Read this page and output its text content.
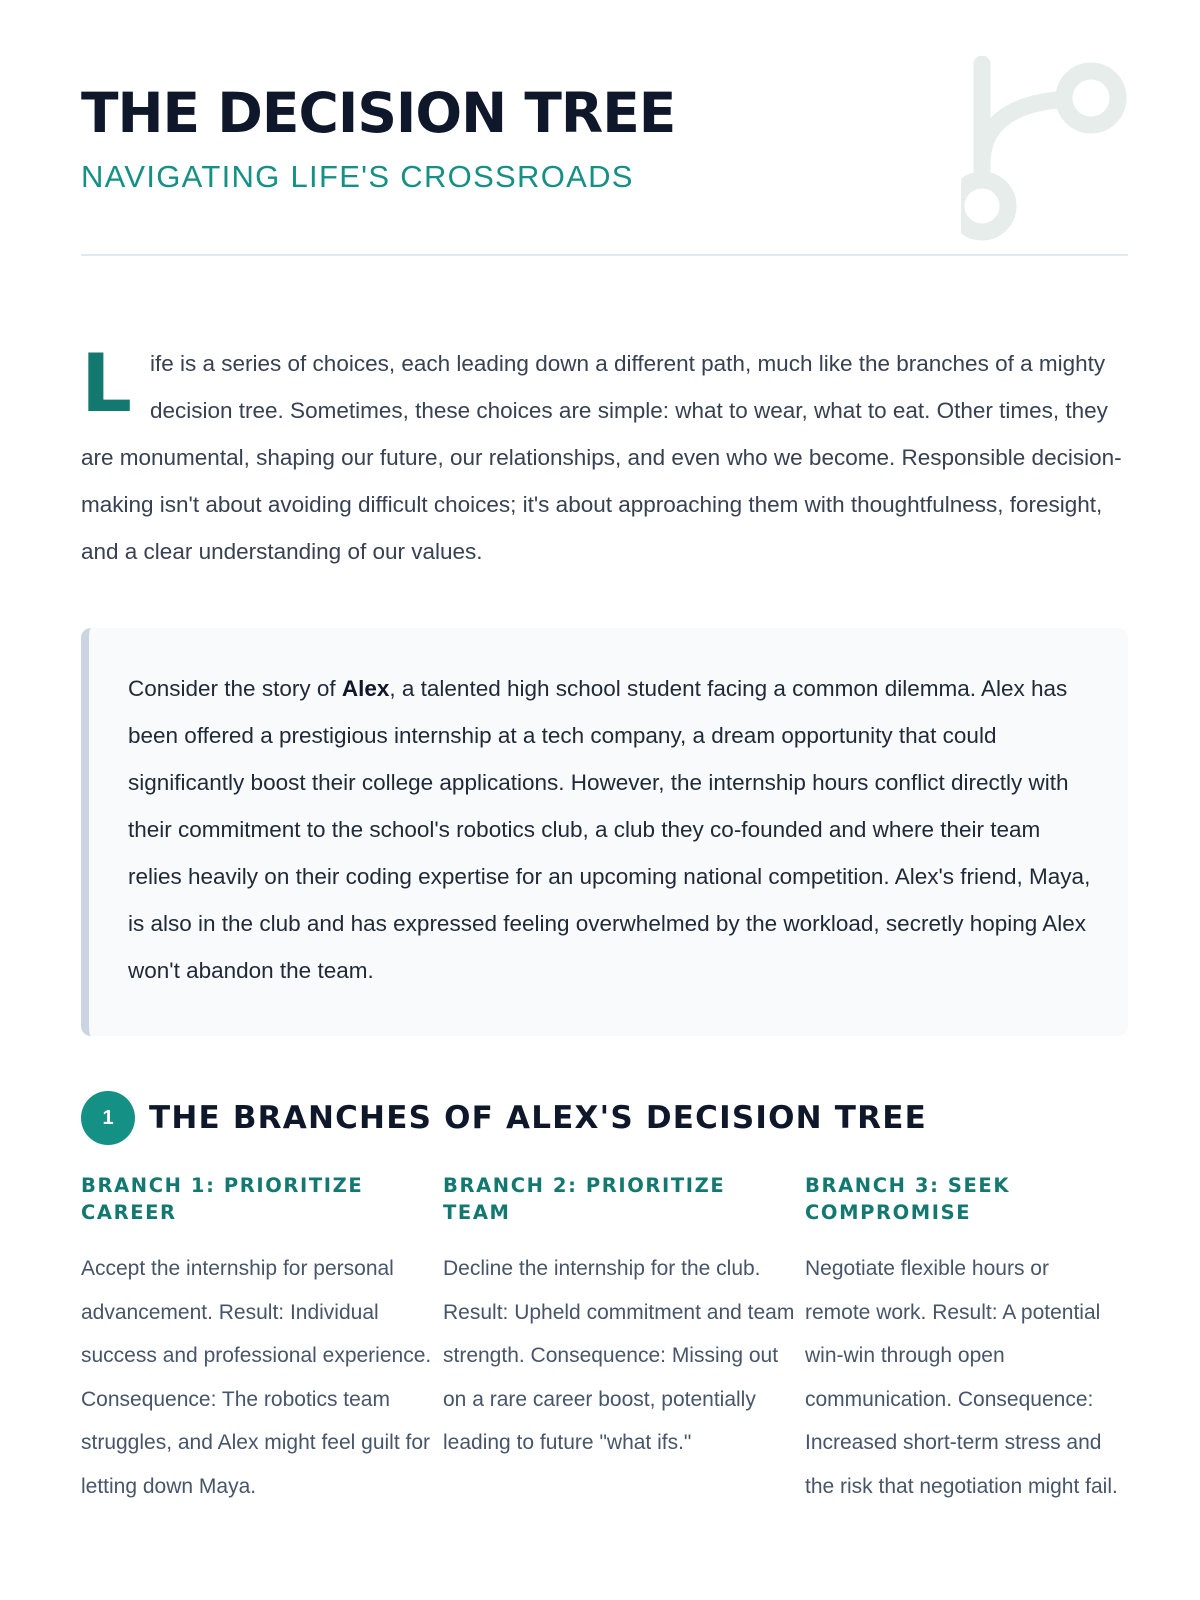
THE DECISION TREE
NAVIGATING LIFE'S CROSSROADS

Life is a series of choices, each leading down a different path, much like the branches of a mighty decision tree. Sometimes, these choices are simple: what to wear, what to eat. Other times, they are monumental, shaping our future, our relationships, and even who we become. Responsible decision-making isn't about avoiding difficult choices; it's about approaching them with thoughtfulness, foresight, and a clear understanding of our values.

Consider the story of Alex, a talented high school student facing a common dilemma. Alex has been offered a prestigious internship at a tech company, a dream opportunity that could significantly boost their college applications. However, the internship hours conflict directly with their commitment to the school's robotics club, a club they co-founded and where their team relies heavily on their coding expertise for an upcoming national competition. Alex's friend, Maya, is also in the club and has expressed feeling overwhelmed by the workload, secretly hoping Alex won't abandon the team.
1	THE BRANCHES OF ALEX'S DECISION TREE
BRANCH 1: PRIORITIZE CAREER

Accept the internship for personal advancement. Result: Individual success and professional experience. Consequence: The robotics team struggles, and Alex might feel guilt for letting down Maya.

BRANCH 2: PRIORITIZE TEAM

Decline the internship for the club. Result: Upheld commitment and team strength. Consequence: Missing out on a rare career boost, potentially leading to future "what ifs."

BRANCH 3: SEEK COMPROMISE

Negotiate flexible hours or remote work. Result: A potential win-win through open communication. Consequence: Increased short-term stress and the risk that negotiation might fail.
